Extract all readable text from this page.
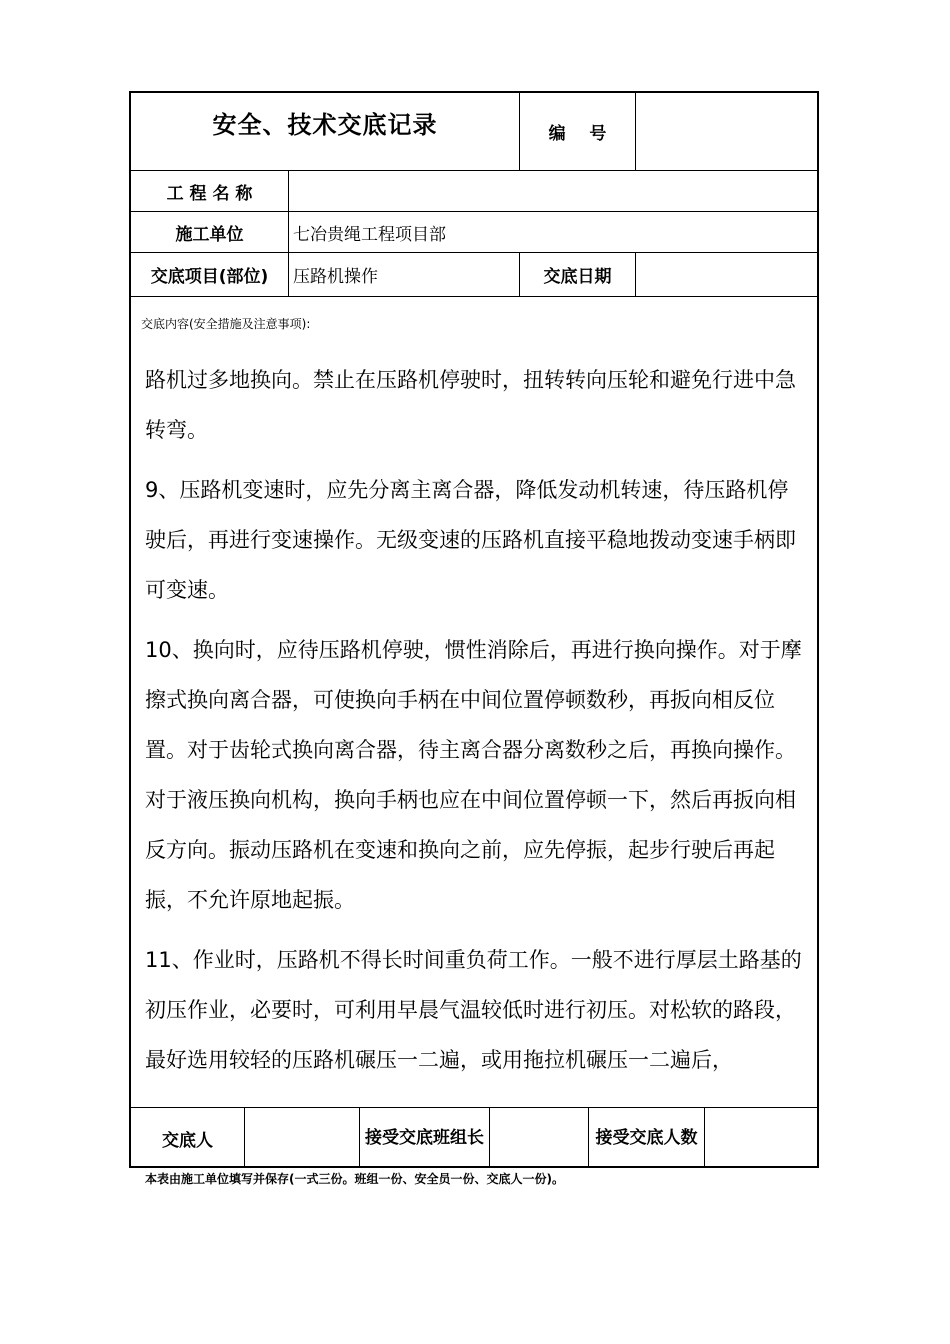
安全、技术交底记录	编    号
工 程 名 称
施工单位	七冶贵绳工程项目部
交底项目(部位)	压路机操作	交底日期
交底内容(安全措施及注意事项):

路机过多地换向。禁止在压路机停驶时，扭转转向压轮和避免行进中急转弯。

9、压路机变速时，应先分离主离合器，降低发动机转速，待压路机停驶后，再进行变速操作。无级变速的压路机直接平稳地拨动变速手柄即可变速。

10、换向时，应待压路机停驶，惯性消除后，再进行换向操作。对于摩擦式换向离合器，可使换向手柄在中间位置停顿数秒，再扳向相反位置。对于齿轮式换向离合器，待主离合器分离数秒之后，再换向操作。对于液压换向机构，换向手柄也应在中间位置停顿一下，然后再扳向相反方向。振动压路机在变速和换向之前，应先停振，起步行驶后再起振，不允许原地起振。

11、作业时，压路机不得长时间重负荷工作。一般不进行厚层土路基的初压作业，必要时，可利用早晨气温较低时进行初压。对松软的路段，最好选用较轻的压路机碾压一二遍，或用拖拉机碾压一二遍后，

交底人	接受交底班组长	接受交底人数
本表由施工单位填写并保存(一式三份。班组一份、安全员一份、交底人一份)。
